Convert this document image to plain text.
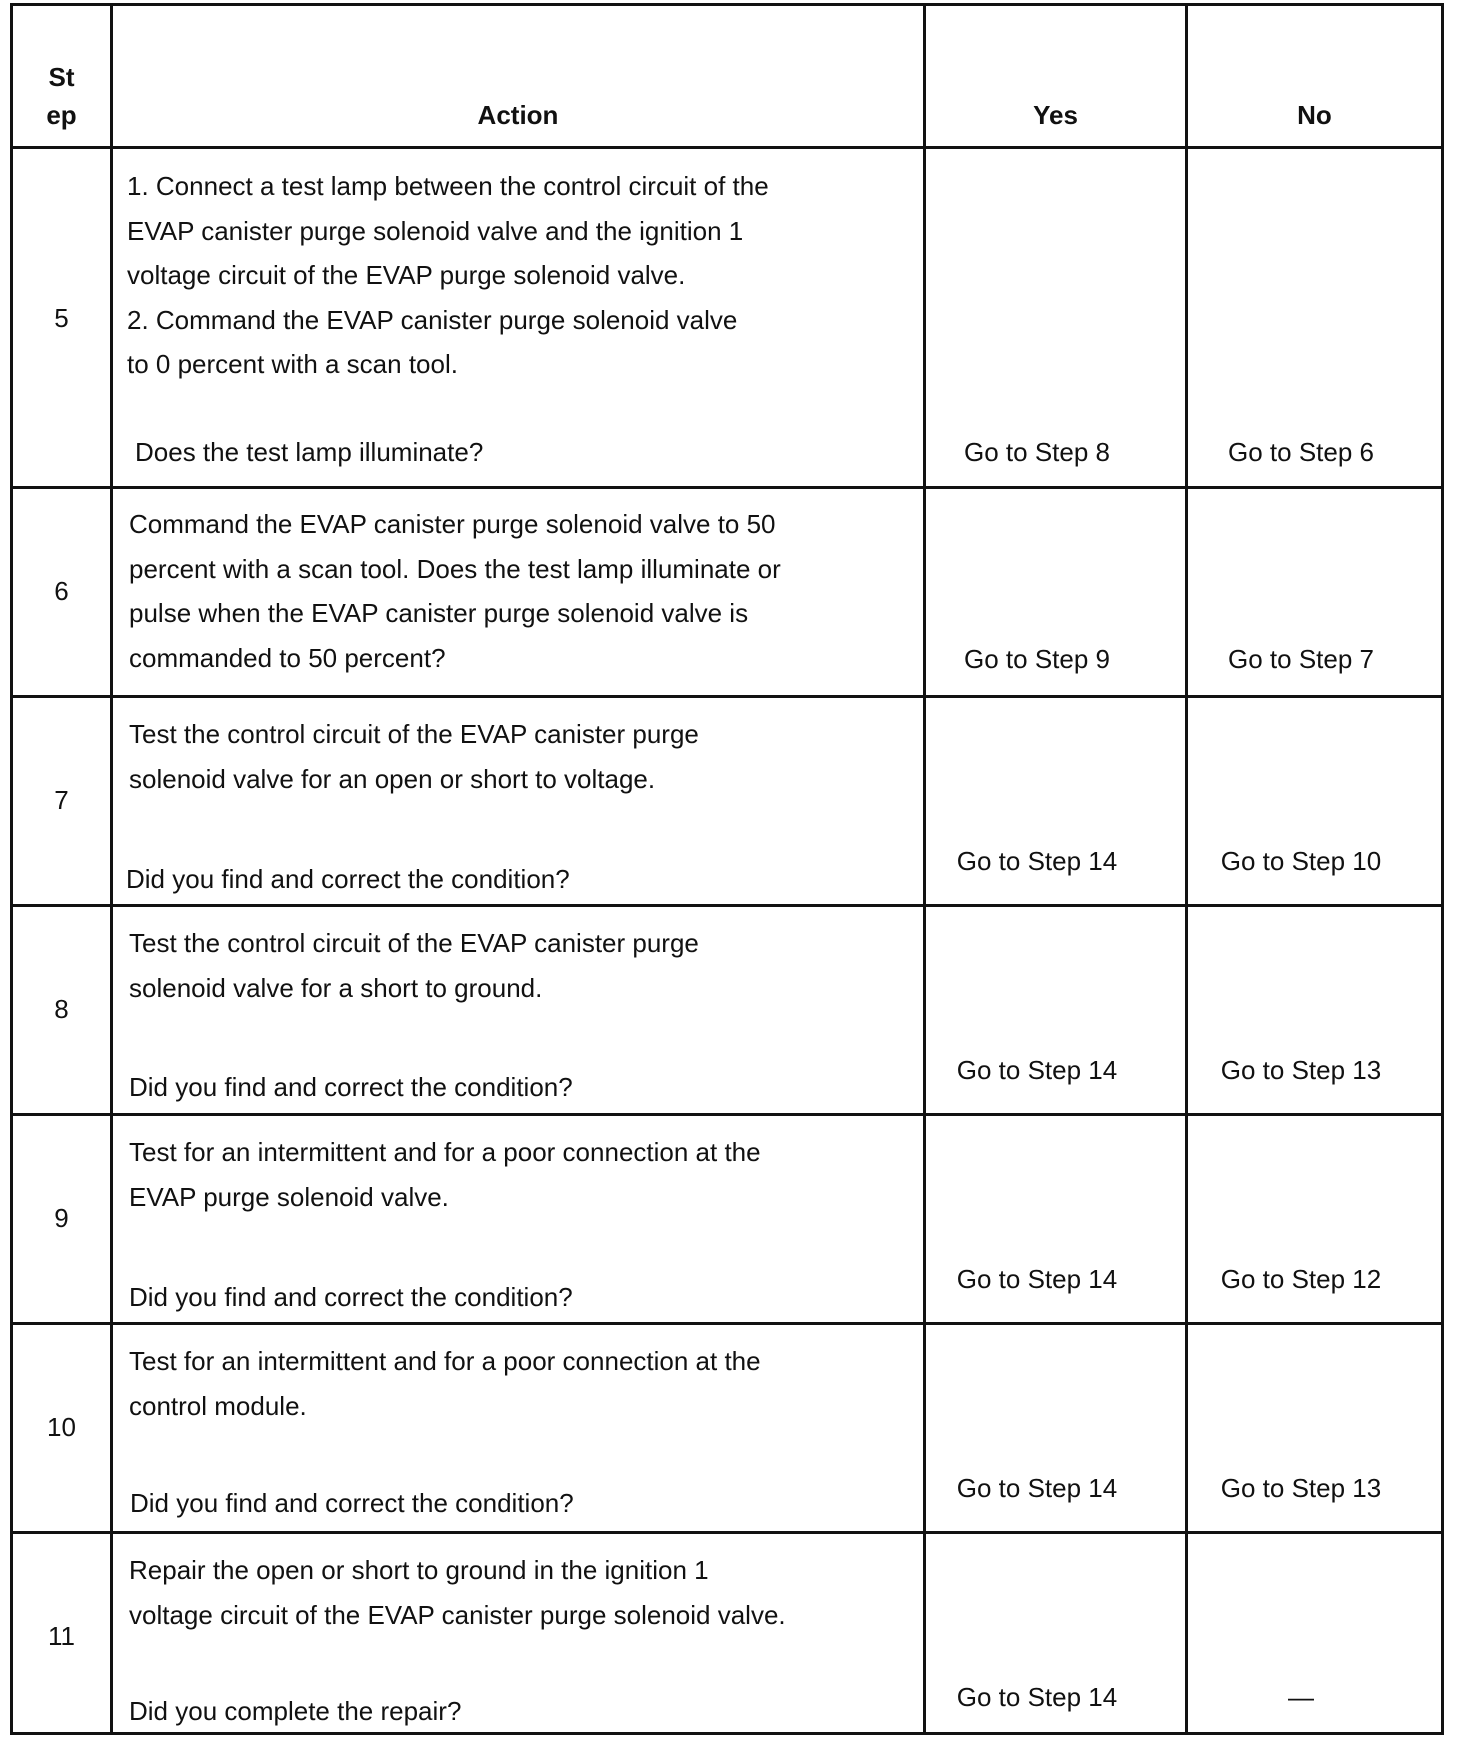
St
ep	Action	Yes	No
5
1. Connect a test lamp between the control circuit of the
EVAP canister purge solenoid valve and the ignition 1
voltage circuit of the EVAP purge solenoid valve.
2. Command the EVAP canister purge solenoid valve
to 0 percent with a scan tool.
Does the test lamp illuminate?	Go to Step 8	Go to Step 6
6
Command the EVAP canister purge solenoid valve to 50
percent with a scan tool. Does the test lamp illuminate or
pulse when the EVAP canister purge solenoid valve is
commanded to 50 percent?	Go to Step 9	Go to Step 7
7
Test the control circuit of the EVAP canister purge
solenoid valve for an open or short to voltage.
Did you find and correct the condition?
Go to Step 14	Go to Step 10
8
Test the control circuit of the EVAP canister purge
solenoid valve for a short to ground.
Did you find and correct the condition?
Go to Step 14	Go to Step 13
9
Test for an intermittent and for a poor connection at the
EVAP purge solenoid valve.
Did you find and correct the condition?
Go to Step 14	Go to Step 12
10
Test for an intermittent and for a poor connection at the
control module.
Did you find and correct the condition?	Go to Step 14	Go to Step 13
11
Repair the open or short to ground in the ignition 1
voltage circuit of the EVAP canister purge solenoid valve.
Did you complete the repair?	Go to Step 14	—
